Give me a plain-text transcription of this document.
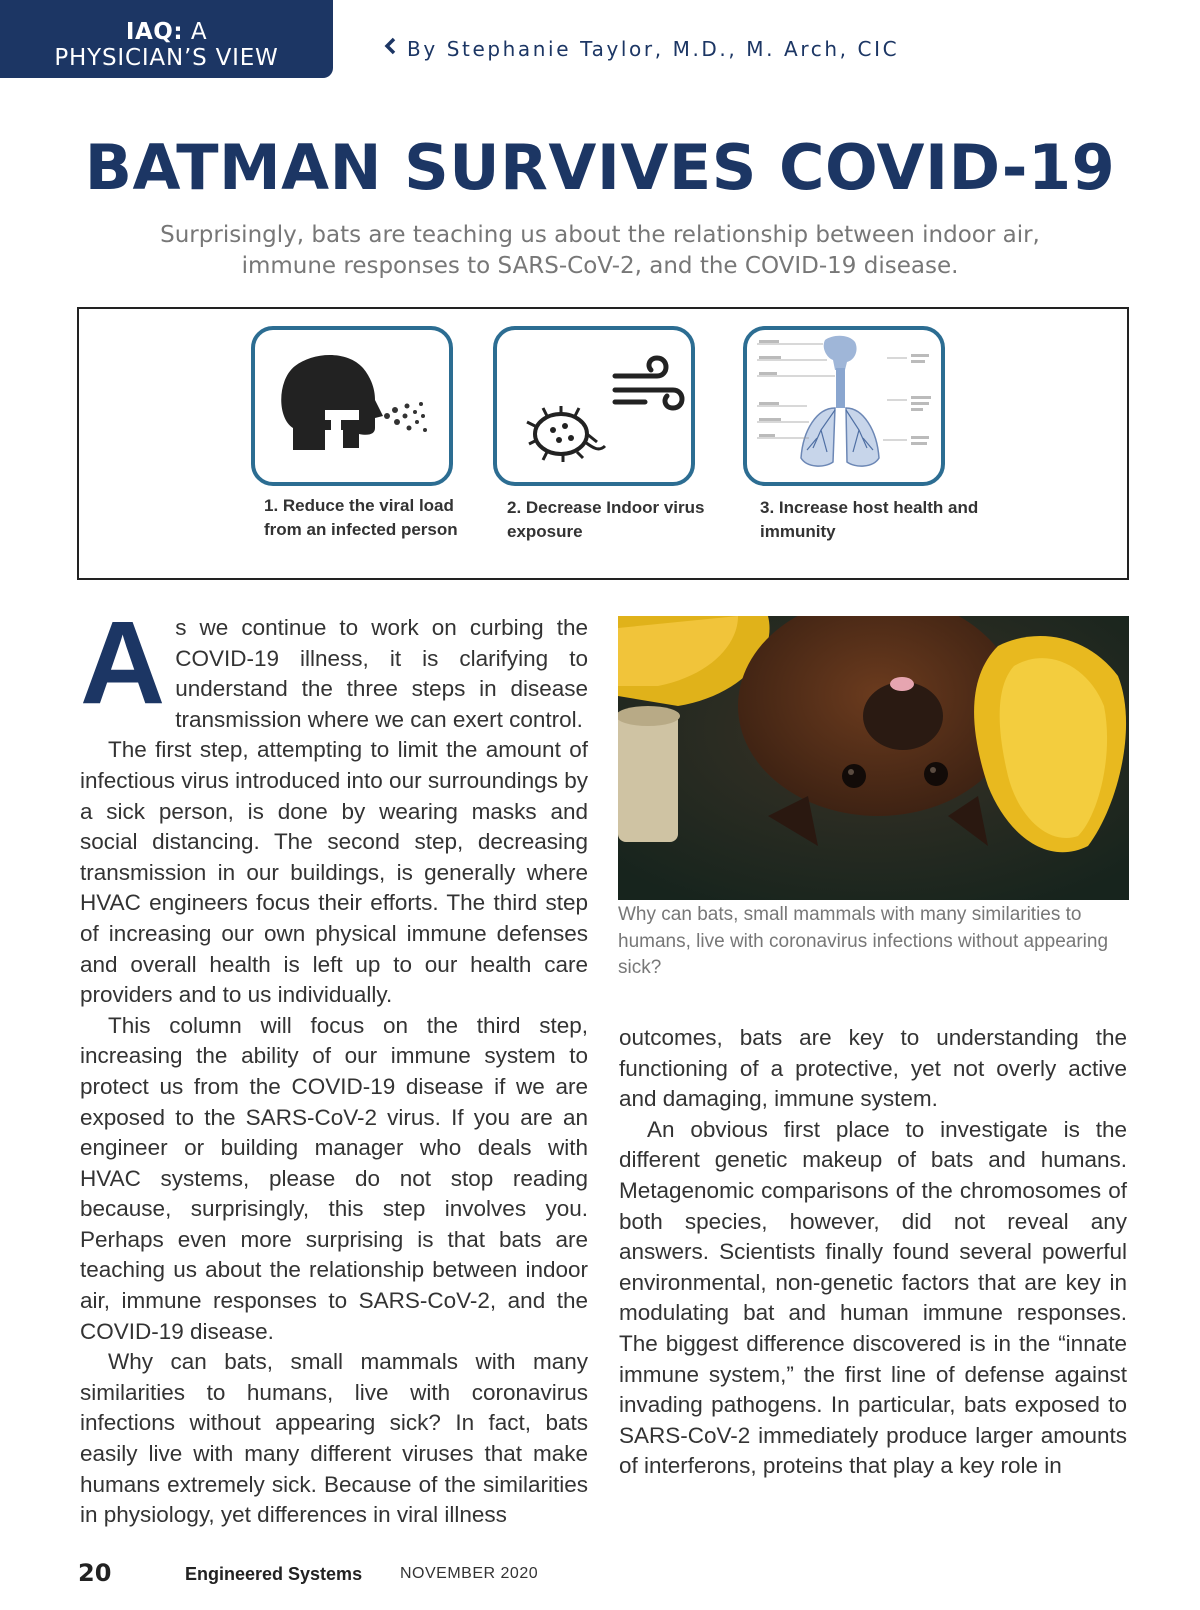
IAQ: A
PHYSICIAN’S VIEW	By Stephanie Taylor, M.D., M. Arch, CIC
BATMAN SURVIVES COVID-19
Surprisingly, bats are teaching us about the relationship between indoor air, immune responses to SARS-CoV-2, and the COVID-19 disease.
1. Reduce the viral load from an infected person
2. Decrease Indoor virus exposure
3. Increase host health and immunity

As we continue to work on curbing the COVID-19 illness, it is clarifying to understand the three steps in disease transmission where we can exert control.

The first step, attempting to limit the amount of infectious virus introduced into our surroundings by a sick person, is done by wearing masks and social distancing. The second step, decreasing transmission in our buildings, is generally where HVAC engineers focus their efforts. The third step of increasing our own physical immune defenses and overall health is left up to our health care providers and to us individually.

This column will focus on the third step, increasing the ability of our immune system to protect us from the COVID-19 disease if we are exposed to the SARS-CoV-2 virus. If you are an engineer or building manager who deals with HVAC systems, please do not stop reading because, surprisingly, this step involves you. Perhaps even more surprising is that bats are teaching us about the relationship between indoor air, immune responses to SARS-CoV-2, and the COVID-19 disease.

Why can bats, small mammals with many similarities to humans, live with coronavirus infections without appearing sick? In fact, bats easily live with many different viruses that make humans extremely sick. Because of the similarities in physiology, yet differences in viral illness

Why can bats, small mammals with many similarities to humans, live with coronavirus infections without appearing sick?

outcomes, bats are key to understanding the functioning of a protective, yet not overly active and damaging, immune system.

An obvious first place to investigate is the different genetic makeup of bats and humans. Metagenomic comparisons of the chromosomes of both species, however, did not reveal any answers. Scientists finally found several powerful environmental, non-genetic factors that are key in modulating bat and human immune responses. The biggest difference discovered is in the “innate immune system,” the first line of defense against invading pathogens. In particular, bats exposed to SARS-CoV-2 immediately produce larger amounts of interferons, proteins that play a key role in

20	Engineered Systems NOVEMBER 2020
